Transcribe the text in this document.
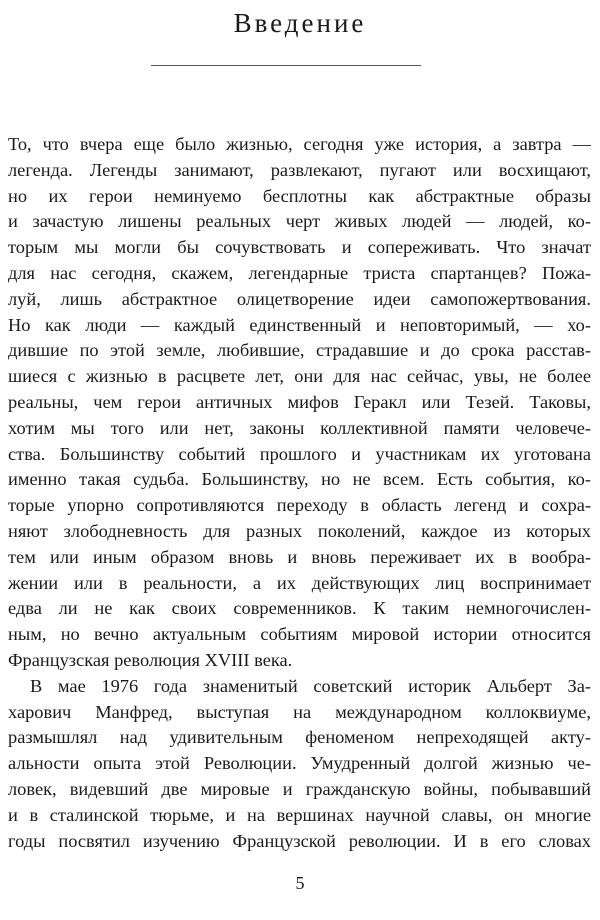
Введение
То, что вчера еще было жизнью, сегодня уже история, а завтра —
легенда. Легенды занимают, развлекают, пугают или восхищают,
но их герои неминуемо бесплотны как абстрактные образы
и зачастую лишены реальных черт живых людей — людей, ко-
торым мы могли бы сочувствовать и сопереживать. Что значат
для нас сегодня, скажем, легендарные триста спартанцев? Пожа-
луй, лишь абстрактное олицетворение идеи самопожертвования.
Но как люди — каждый единственный и неповторимый, — хо-
дившие по этой земле, любившие, страдавшие и до срока расстав-
шиеся с жизнью в расцвете лет, они для нас сейчас, увы, не более
реальны, чем герои античных мифов Геракл или Тезей. Таковы,
хотим мы того или нет, законы коллективной памяти человече-
ства. Большинству событий прошлого и участникам их уготована
именно такая судьба. Большинству, но не всем. Есть события, ко-
торые упорно сопротивляются переходу в область легенд и сохра-
няют злободневность для разных поколений, каждое из которых
тем или иным образом вновь и вновь переживает их в вообра-
жении или в реальности, а их действующих лиц воспринимает
едва ли не как своих современников. К таким немногочислен-
ным, но вечно актуальным событиям мировой истории относится
Французская революция XVIII века.
В мае 1976 года знаменитый советский историк Альберт За-
харович Манфред, выступая на международном коллоквиуме,
размышлял над удивительным феноменом непреходящей акту-
альности опыта этой Революции. Умудренный долгой жизнью че-
ловек, видевший две мировые и гражданскую войны, побывавший
и в сталинской тюрьме, и на вершинах научной славы, он многие
годы посвятил изучению Французской революции. И в его словах
5
